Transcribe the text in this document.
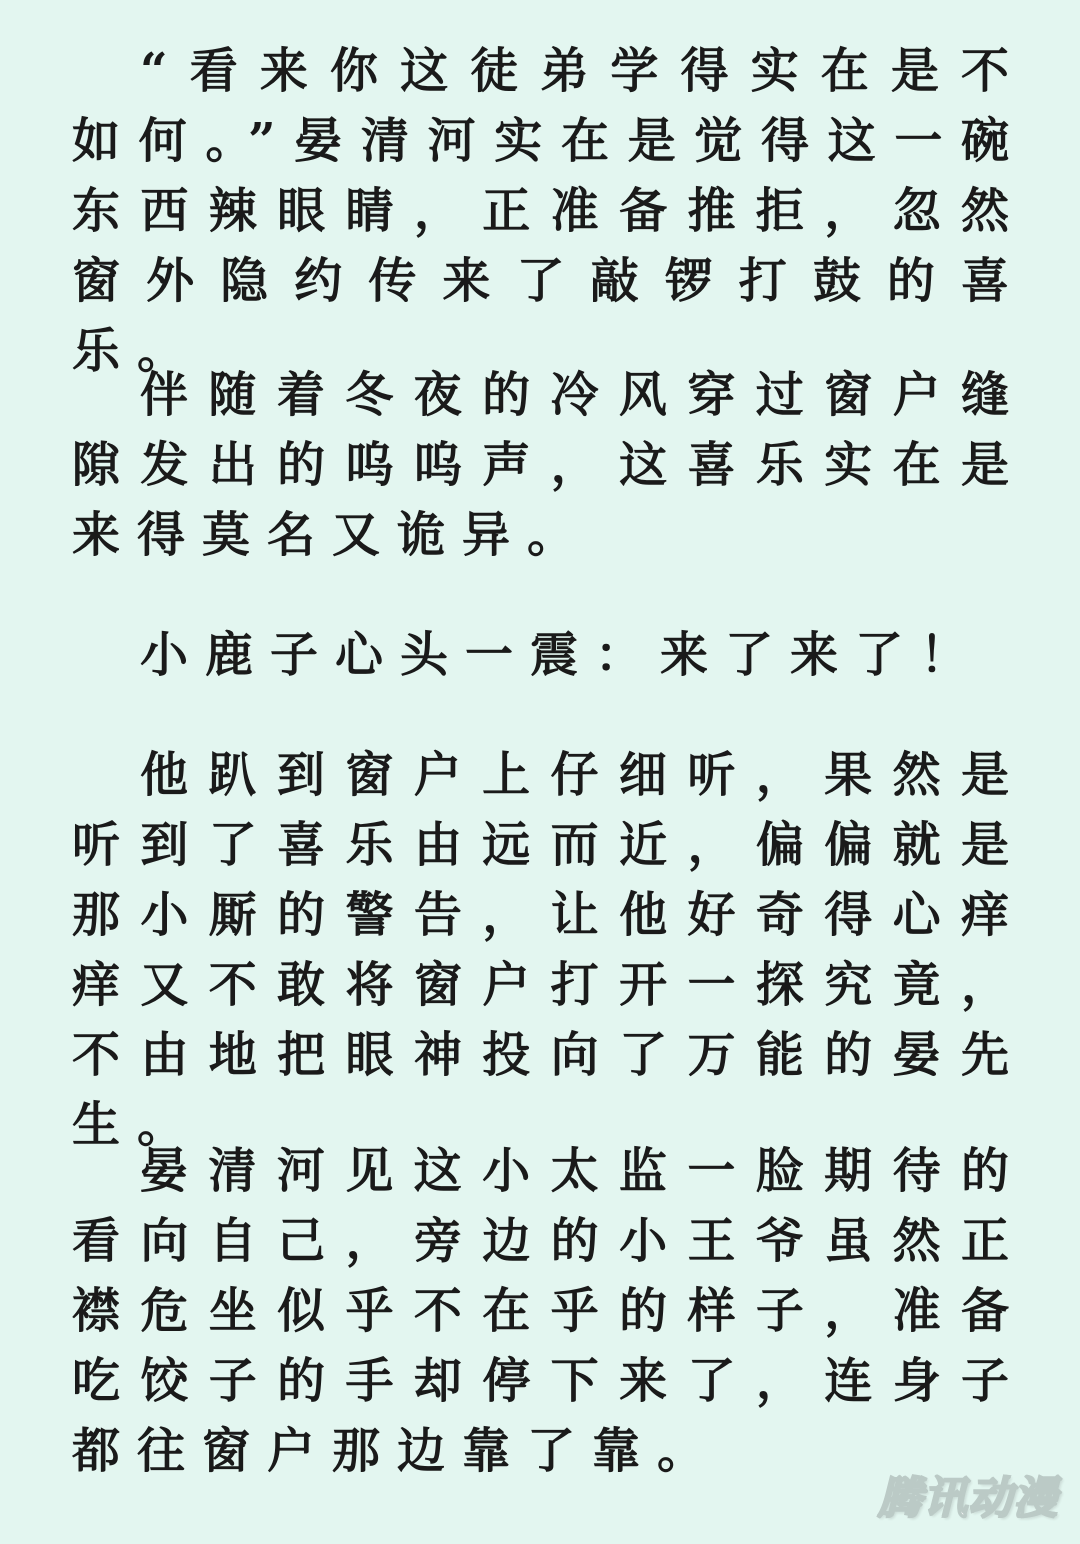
“看来你这徒弟学得实在是不如何。”晏清河实在是觉得这一碗东西辣眼睛，正准备推拒，忽然窗外隐约传来了敲锣打鼓的喜乐。

伴随着冬夜的冷风穿过窗户缝隙发出的呜呜声，这喜乐实在是来得莫名又诡异。

小鹿子心头一震：来了来了！

他趴到窗户上仔细听，果然是听到了喜乐由远而近，偏偏就是那小厮的警告，让他好奇得心痒痒又不敢将窗户打开一探究竟，不由地把眼神投向了万能的晏先生。

晏清河见这小太监一脸期待的看向自己，旁边的小王爷虽然正襟危坐似乎不在乎的样子，准备吃饺子的手却停下来了，连身子都往窗户那边靠了靠。

腾讯动漫
